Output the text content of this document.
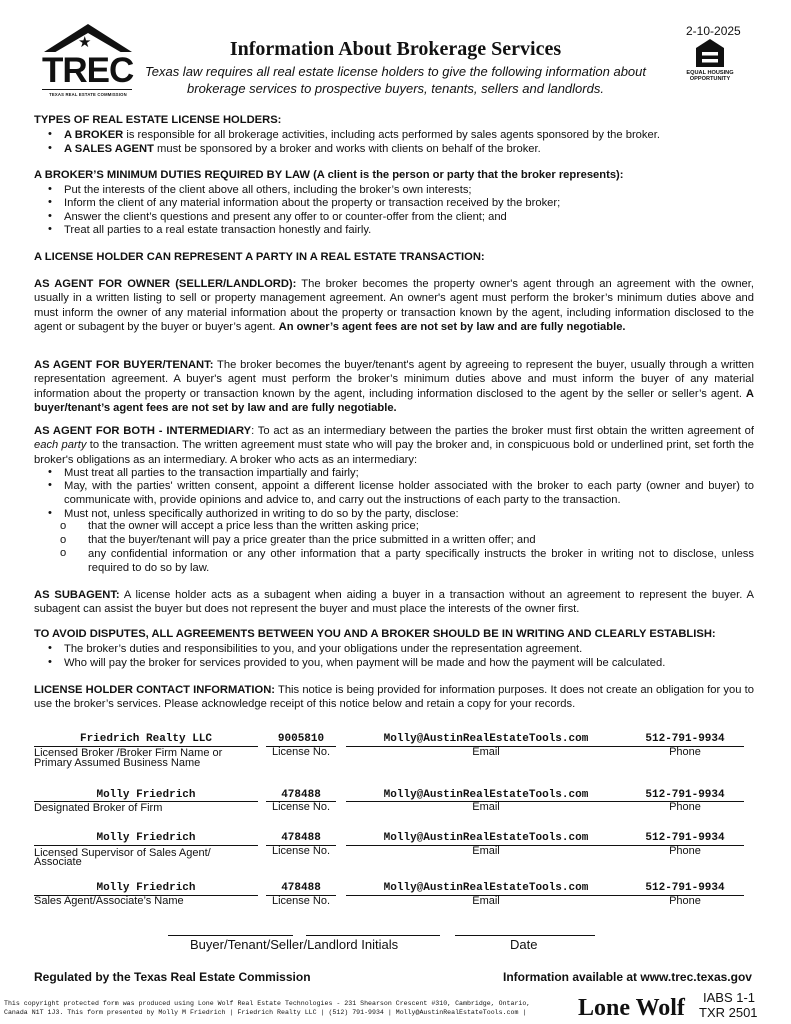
★
TREC
TEXAS REAL ESTATE COMMISSION
2-10-2025
EQUAL HOUSING
OPPORTUNITY
Information About Brokerage Services
Texas law requires all real estate license holders to give the following information about
brokerage services to prospective buyers, tenants, sellers and landlords.
TYPES OF REAL ESTATE LICENSE HOLDERS:
• A BROKER is responsible for all brokerage activities, including acts performed by sales agents sponsored by the broker.
• A SALES AGENT must be sponsored by a broker and works with clients on behalf of the broker.
A BROKER’S MINIMUM DUTIES REQUIRED BY LAW (A client is the person or party that the broker represents):
• Put the interests of the client above all others, including the broker’s own interests;
• Inform the client of any material information about the property or transaction received by the broker;
• Answer the client’s questions and present any offer to or counter-offer from the client; and
• Treat all parties to a real estate transaction honestly and fairly.
A LICENSE HOLDER CAN REPRESENT A PARTY IN A REAL ESTATE TRANSACTION:
AS AGENT FOR OWNER (SELLER/LANDLORD): The broker becomes the property owner's agent through an agreement with the owner, usually in a written listing to sell or property management agreement. An owner's agent must perform the broker’s minimum duties above and must inform the owner of any material information about the property or transaction known by the agent, including information disclosed to the agent or subagent by the buyer or buyer’s agent. An owner’s agent fees are not set by law and are fully negotiable.
AS AGENT FOR BUYER/TENANT: The broker becomes the buyer/tenant's agent by agreeing to represent the buyer, usually through a written representation agreement. A buyer's agent must perform the broker’s minimum duties above and must inform the buyer of any material information about the property or transaction known by the agent, including information disclosed to the agent by the seller or seller’s agent. A buyer/tenant’s agent fees are not set by law and are fully negotiable.
AS AGENT FOR BOTH - INTERMEDIARY: To act as an intermediary between the parties the broker must first obtain the written agreement of each party to the transaction. The written agreement must state who will pay the broker and, in conspicuous bold or underlined print, set forth the broker's obligations as an intermediary. A broker who acts as an intermediary:
• Must treat all parties to the transaction impartially and fairly;
• May, with the parties' written consent, appoint a different license holder associated with the broker to each party (owner and buyer) to communicate with, provide opinions and advice to, and carry out the instructions of each party to the transaction.
• Must not, unless specifically authorized in writing to do so by the party, disclose:
o that the owner will accept a price less than the written asking price;
o that the buyer/tenant will pay a price greater than the price submitted in a written offer; and
o any confidential information or any other information that a party specifically instructs the broker in writing not to disclose, unless required to do so by law.
AS SUBAGENT: A license holder acts as a subagent when aiding a buyer in a transaction without an agreement to represent the buyer. A subagent can assist the buyer but does not represent the buyer and must place the interests of the owner first.
TO AVOID DISPUTES, ALL AGREEMENTS BETWEEN YOU AND A BROKER SHOULD BE IN WRITING AND CLEARLY ESTABLISH:
• The broker’s duties and responsibilities to you, and your obligations under the representation agreement.
• Who will pay the broker for services provided to you, when payment will be made and how the payment will be calculated.
LICENSE HOLDER CONTACT INFORMATION: This notice is being provided for information purposes. It does not create an obligation for you to use the broker’s services. Please acknowledge receipt of this notice below and retain a copy for your records.
Friedrich Realty LLC	9005810	Molly@AustinRealEstateTools.com	512-791-9934
Licensed Broker /Broker Firm Name or
Primary Assumed Business Name
License No.	Email	Phone
Molly Friedrich	478488	Molly@AustinRealEstateTools.com	512-791-9934
Designated Broker of Firm	License No.	Email	Phone
Molly Friedrich	478488	Molly@AustinRealEstateTools.com	512-791-9934
Licensed Supervisor of Sales Agent/
Associate
License No.	Email	Phone
Molly Friedrich	478488	Molly@AustinRealEstateTools.com	512-791-9934
Sales Agent/Associate’s Name	License No.	Email	Phone
Buyer/Tenant/Seller/Landlord Initials	Date
Regulated by the Texas Real Estate Commission	Information available at www.trec.texas.gov
This copyright protected form was produced using Lone Wolf Real Estate Technologies - 231 Shearson Crescent #310, Cambridge, Ontario,
Canada N1T 1J3. This form presented by Molly M Friedrich | Friedrich Realty LLC | (512) 791-9934 | Molly@AustinRealEstateTools.com |	Lone Wolf IABS 1-1
TXR 2501
